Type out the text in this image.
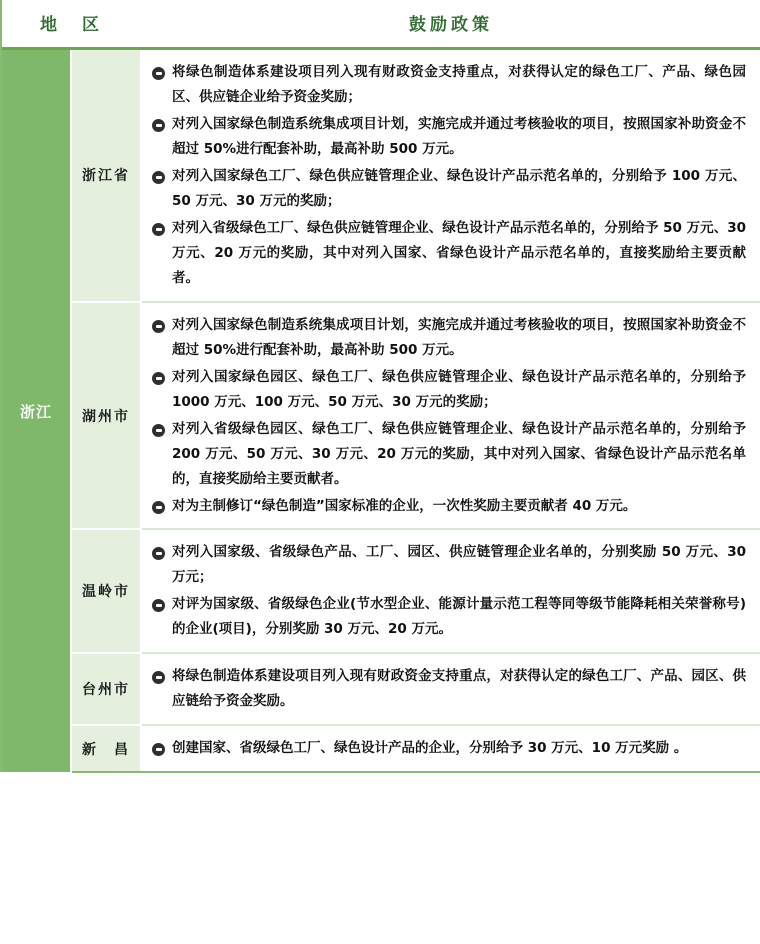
地　区		鼓励政策

浙江	浙江省	将绿色制造体系建设项目列入现有财政资金支持重点，对获得认定的绿色工厂、产品、绿色园区、供应链企业给予资金奖励；
对列入国家绿色制造系统集成项目计划，实施完成并通过考核验收的项目，按照国家补助资金不超过 50%进行配套补助，最高补助 500 万元。
对列入国家绿色工厂、绿色供应链管理企业、绿色设计产品示范名单的，分别给予 100 万元、50 万元、30 万元的奖励；
对列入省级绿色工厂、绿色供应链管理企业、绿色设计产品示范名单的，分别给予 50 万元、30 万元、20 万元的奖励，其中对列入国家、省绿色设计产品示范名单的，直接奖励给主要贡献者。

	湖州市	对列入国家绿色制造系统集成项目计划，实施完成并通过考核验收的项目，按照国家补助资金不超过 50%进行配套补助，最高补助 500 万元。
对列入国家绿色园区、绿色工厂、绿色供应链管理企业、绿色设计产品示范名单的，分别给予 1000 万元、100 万元、50 万元、30 万元的奖励；
对列入省级绿色园区、绿色工厂、绿色供应链管理企业、绿色设计产品示范名单的，分别给予 200 万元、50 万元、30 万元、20 万元的奖励，其中对列入国家、省绿色设计产品示范名单的，直接奖励给主要贡献者。
对为主制修订“绿色制造”国家标准的企业，一次性奖励主要贡献者 40 万元。

	温岭市	对列入国家级、省级绿色产品、工厂、园区、供应链管理企业名单的，分别奖励 50 万元、30 万元；
对评为国家级、省级绿色企业(节水型企业、能源计量示范工程等同等级节能降耗相关荣誉称号)的企业(项目)，分别奖励 30 万元、20 万元。

	台州市	将绿色制造体系建设项目列入现有财政资金支持重点，对获得认定的绿色工厂、产品、园区、供应链给予资金奖励。

	新　昌	创建国家、省级绿色工厂、绿色设计产品的企业，分别给予 30 万元、10 万元奖励 。
